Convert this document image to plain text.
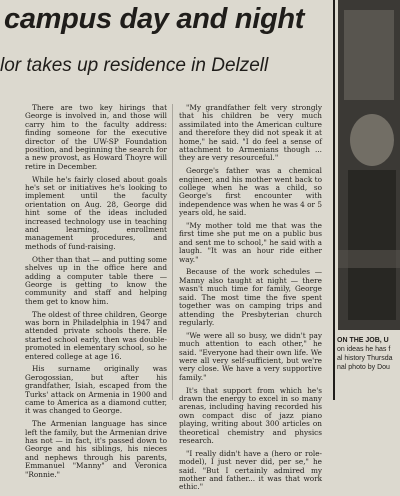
campus day and night
lor takes up residence in Delzell

There are two key hirings that George is involved in, and those will carry him to the faculty address: finding someone for the executive director of the UW-SP Foundation position, and beginning the search for a new provost, as Howard Thoyre will retire in December.

While he's fairly closed about goals he's set or initiatives he's looking to implement until the faculty orientation on Aug. 28, George did hint some of the ideas included increased technology use in teaching and learning, enrollment management procedures, and methods of fund-raising.

Other than that — and putting some shelves up in the office here and adding a computer table there — George is getting to know the community and staff and helping them get to know him.

The oldest of three children, George was born in Philadelphia in 1947 and attended private schools there. He started school early, then was double-promoted in elementary school, so he entered college at age 16.

His surname originally was Gerogossian, but after his grandfather, Isiah, escaped from the Turks' attack on Armenia in 1900 and came to America as a diamond cutter, it was changed to George.

The Armenian language has since left the family, but the Armenian drive has not — in fact, it's passed down to George and his siblings, his nieces and nephews through his parents, Emmanuel "Manny" and Veronica "Ronnie."

"My grandfather felt very strongly that his children be very much assimilated into the American culture and therefore they did not speak it at home," he said. "I do feel a sense of attachment to Armenians though ... they are very resourceful."

George's father was a chemical engineer, and his mother went back to college when he was a child, so George's first encounter with independence was when he was 4 or 5 years old, he said.

"My mother told me that was the first time she put me on a public bus and sent me to school," he said with a laugh. "It was an hour ride either way."

Because of the work schedules — Manny also taught at night — there wasn't much time for family, George said. The most time the five spent together was on camping trips and attending the Presbyterian church regularly.

"We were all so busy, we didn't pay much attention to each other," he said. "Everyone had their own life. We were all very self-sufficient, but we're very close. We have a very supportive family."

It's that support from which he's drawn the energy to excel in so many arenas, including having recorded his own compact disc of jazz piano playing, writing about 300 articles on theoretical chemistry and physics research.

"I really didn't have a (hero or role-model), I just never did, per se," he said. "But I certainly admired my mother and father... it was that work ethic."

ON THE JOB, U
on ideas he has f
al history Thursda
nal photo by Dou
